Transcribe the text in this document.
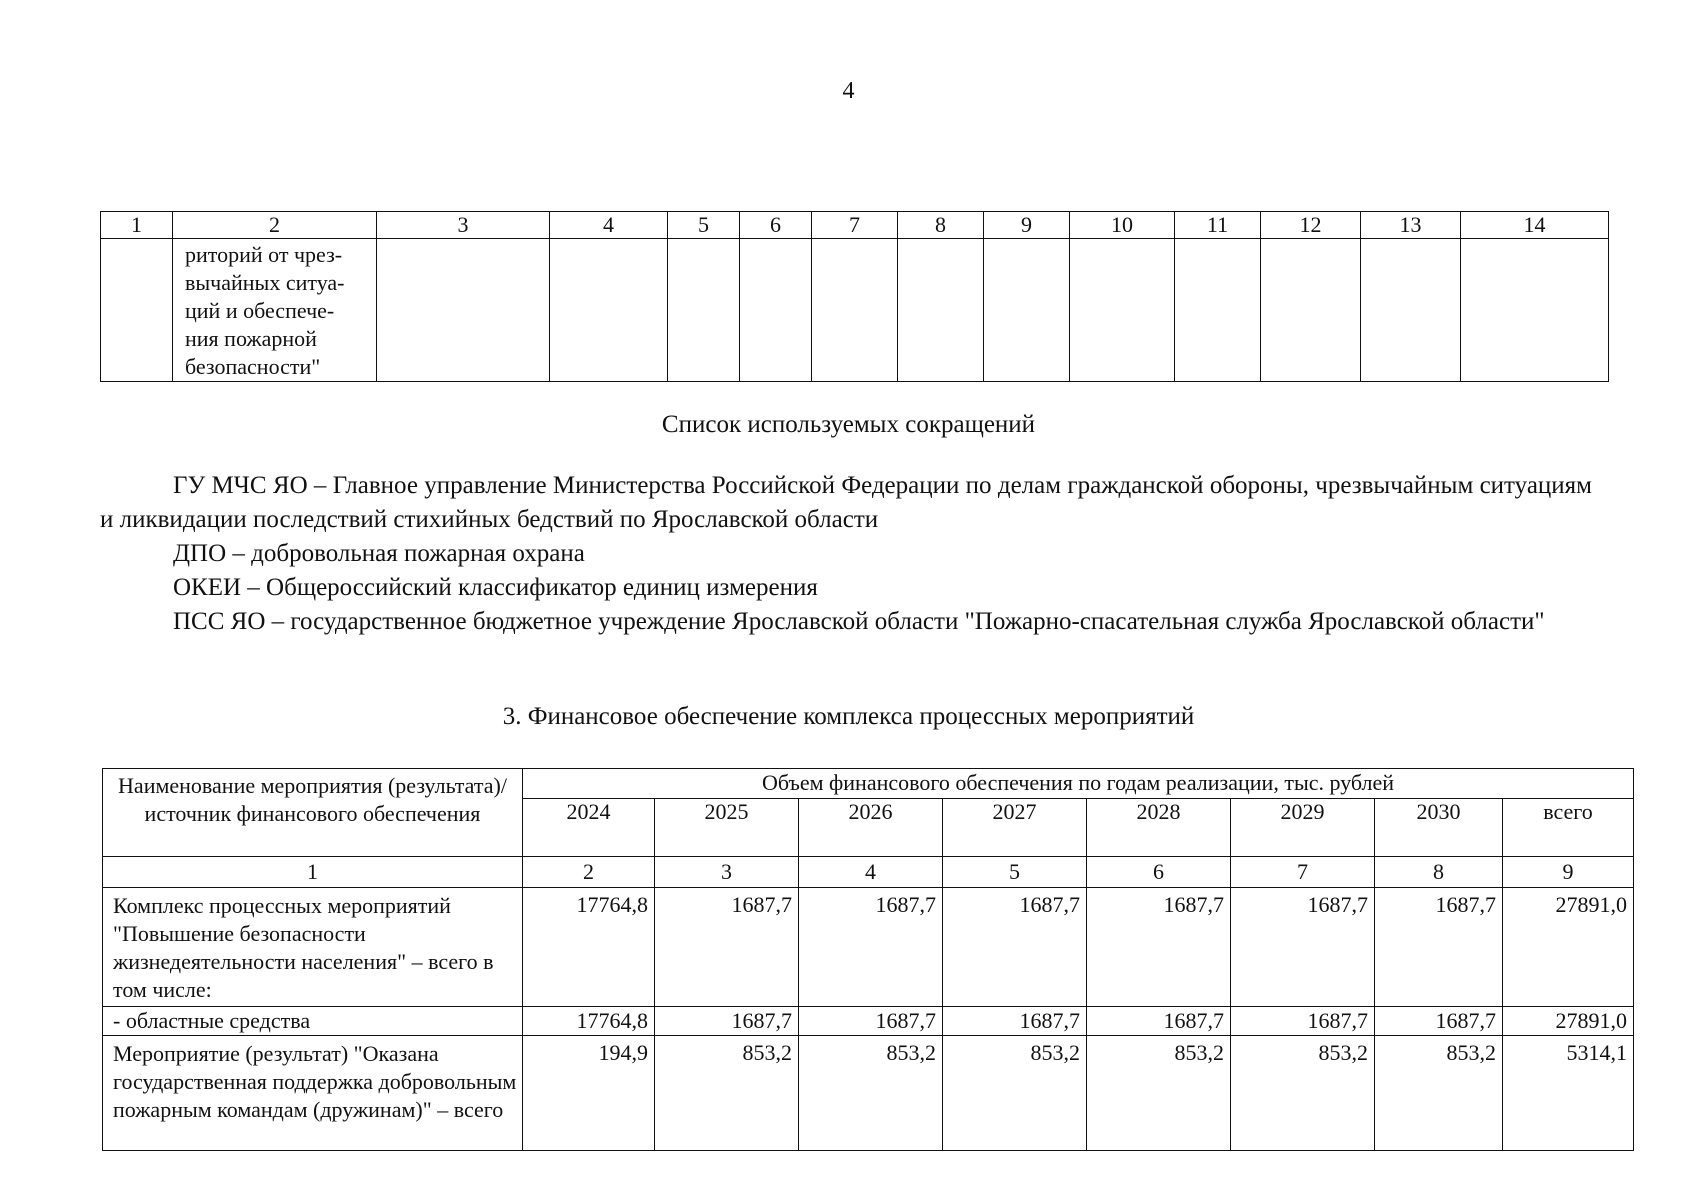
4
1	2	3	4	5	6	7	8	9	10	11	12	13	14

	риторий от чрез-
вычайных ситуа-
ций и обеспече-
ния пожарной
безопасности"												

Список используемых сокращений

ГУ МЧС ЯО – Главное управление Министерства Российской Федерации по делам гражданской обороны, чрезвычайным ситуациям и ликвидации последствий стихийных бедствий по Ярославской области

ДПО – добровольная пожарная охрана

ОКЕИ – Общероссийский классификатор единиц измерения

ПСС ЯО – государственное бюджетное учреждение Ярославской области "Пожарно-спасательная служба Ярославской области"

3. Финансовое обеспечение комплекса процессных мероприятий
Наименование мероприятия (результата)/ источник финансового обеспечения	Объем финансового обеспечения по годам реализации, тыс. рублей							
	2024	2025	2026	2027	2028	2029	2030	всего
1	2	3	4	5	6	7	8	9
Комплекс процессных мероприятий "Повышение безопасности жизнедеятельности населения" – всего в том числе:	17764,8	1687,7	1687,7	1687,7	1687,7	1687,7	1687,7	27891,0
- областные средства	17764,8	1687,7	1687,7	1687,7	1687,7	1687,7	1687,7	27891,0
Мероприятие (результат) "Оказана государственная поддержка добровольным пожарным командам (дружинам)" – всего	194,9	853,2	853,2	853,2	853,2	853,2	853,2	5314,1
